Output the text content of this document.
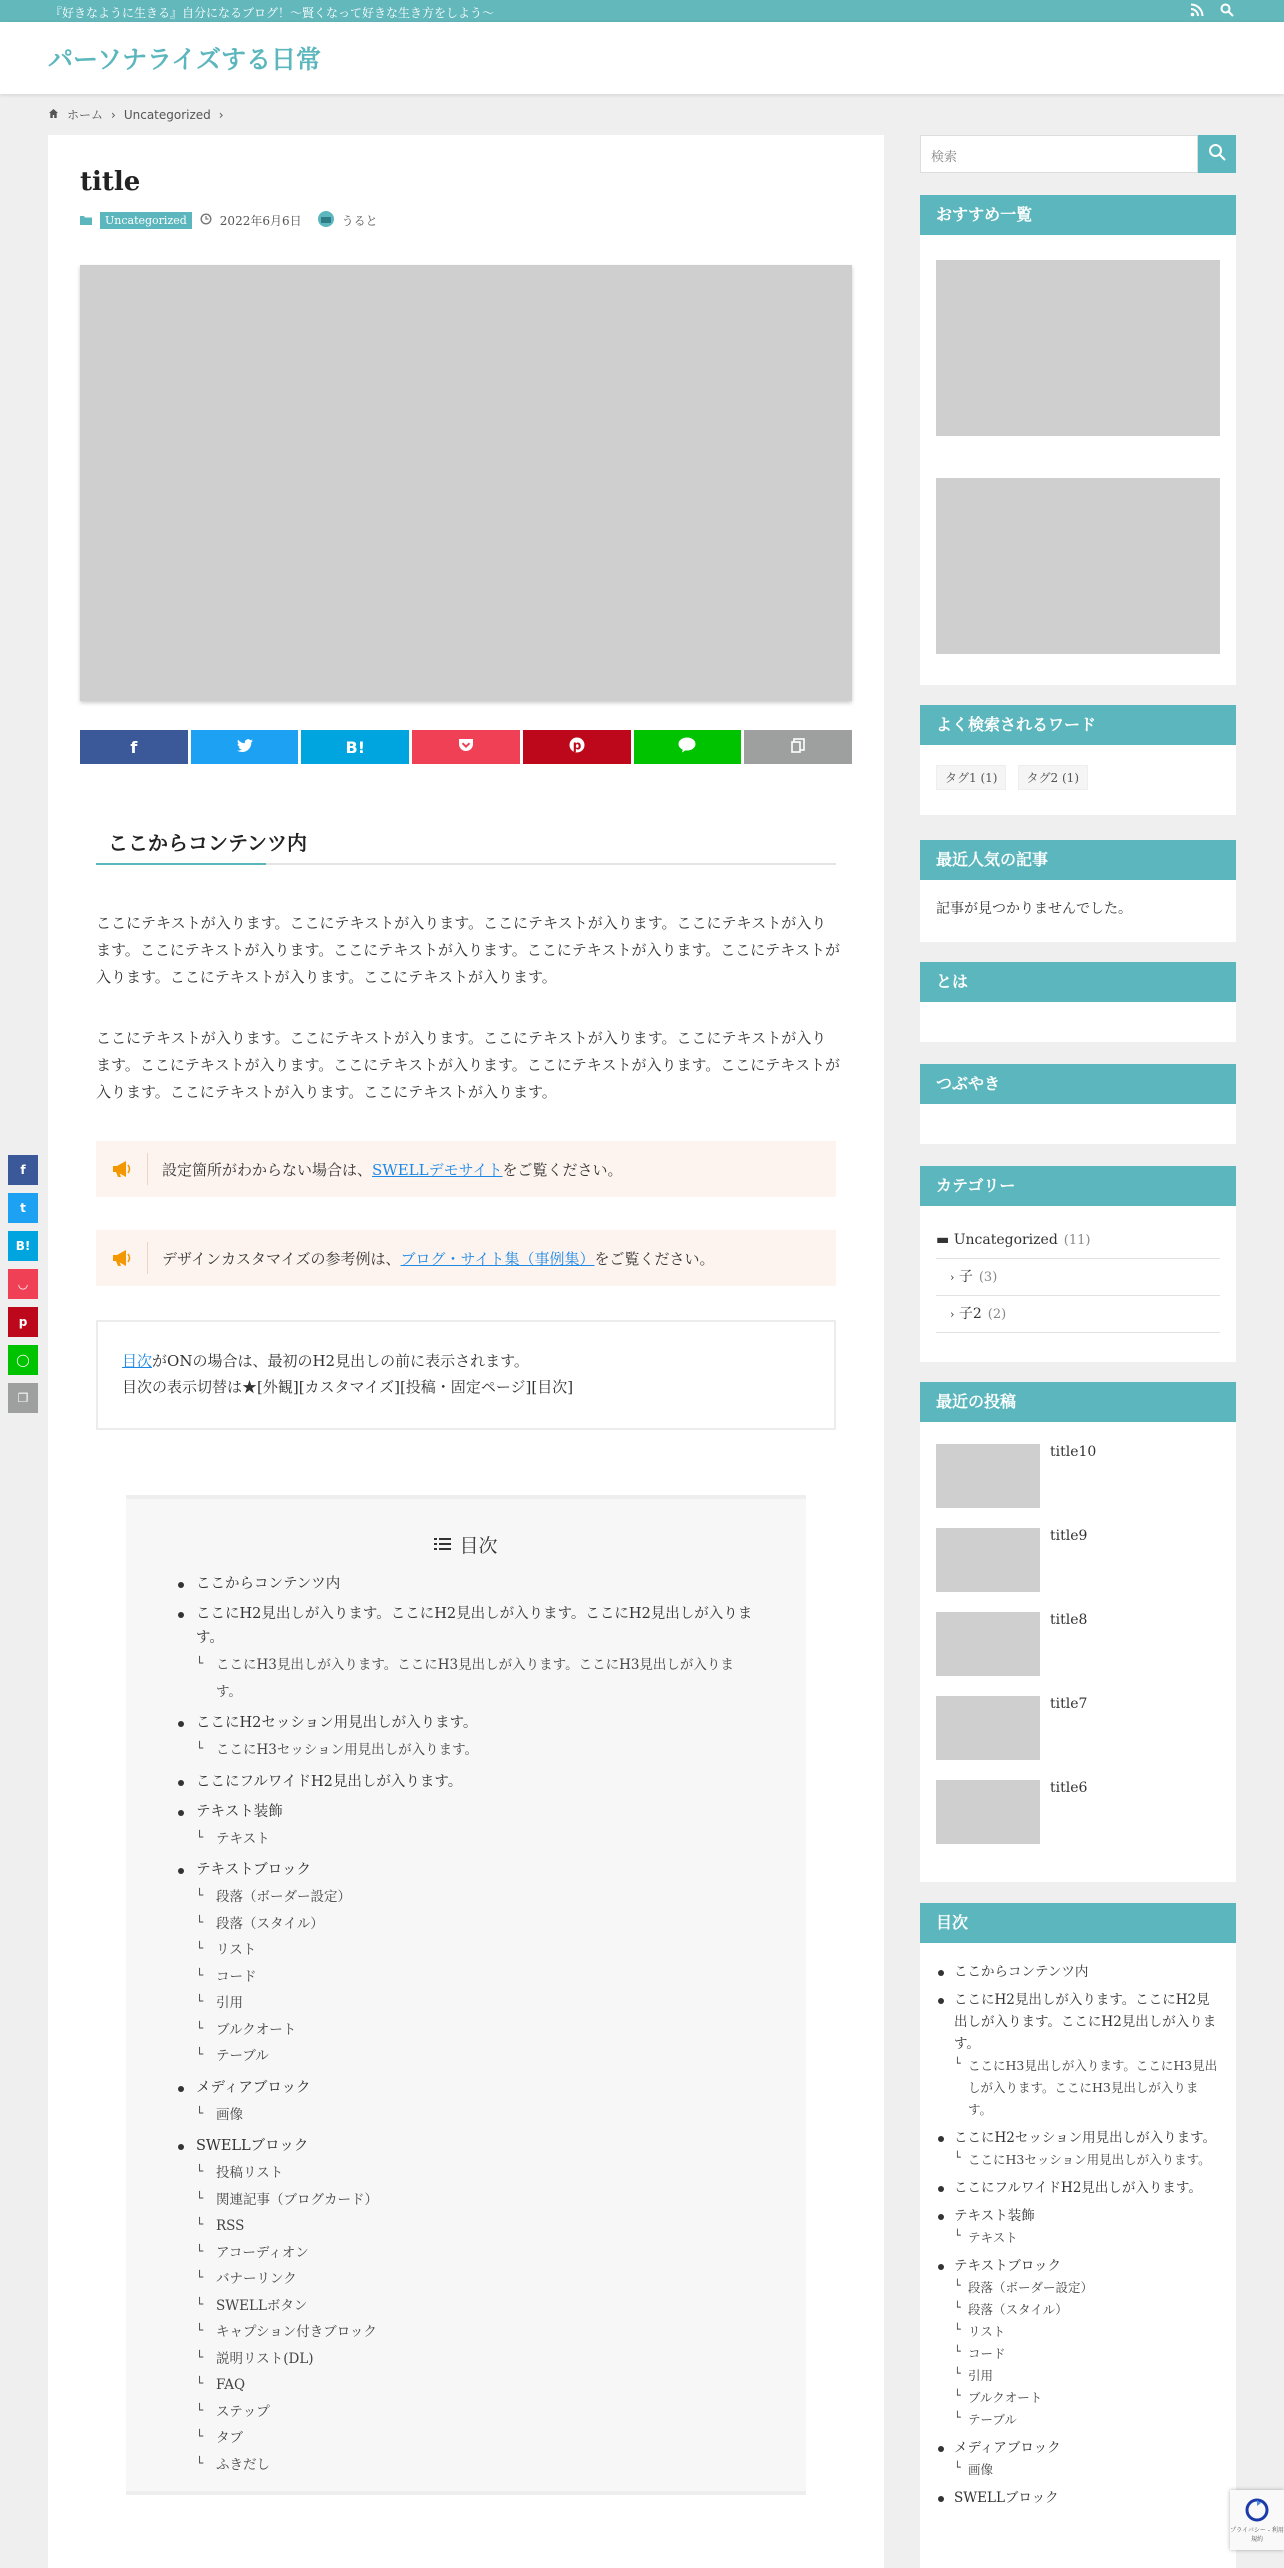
『好きなように生きる』自分になるブログ！〜賢くなって好きな生き方をしよう〜
パーソナライズする日常
ホーム › Uncategorized ›
title
Uncategorized	2022年6月6日	うると
f	B!	p
ここからコンテンツ内

ここにテキストが入ります。ここにテキストが入ります。ここにテキストが入ります。ここにテキストが入ります。ここにテキストが入ります。ここにテキストが入ります。ここにテキストが入ります。ここにテキストが入ります。ここにテキストが入ります。ここにテキストが入ります。

ここにテキストが入ります。ここにテキストが入ります。ここにテキストが入ります。ここにテキストが入ります。ここにテキストが入ります。ここにテキストが入ります。ここにテキストが入ります。ここにテキストが入ります。ここにテキストが入ります。ここにテキストが入ります。

設定箇所がわからない場合は、SWELLデモサイトをご覧ください。
デザインカスタマイズの参考例は、ブログ・サイト集（事例集）をご覧ください。
目次がONの場合は、最初のH2見出しの前に表示されます。
目次の表示切替は★[外観][カスタマイズ][投稿・固定ページ][目次]
目次
ここからコンテンツ内
ここにH2見出しが入ります。ここにH2見出しが入ります。ここにH2見出しが入ります。
└ ここにH3見出しが入ります。ここにH3見出しが入ります。ここにH3見出しが入ります。
ここにH2セッション用見出しが入ります。
└ ここにH3セッション用見出しが入ります。
ここにフルワイドH2見出しが入ります。
テキスト装飾
└ テキスト
テキストブロック
└ 段落（ボーダー設定）
└ 段落（スタイル）
└ リスト
└ コード
└ 引用
└ ブルクオート
└ テーブル
メディアブロック
└ 画像
SWELLブロック
└ 投稿リスト
└ 関連記事（ブログカード）
└ RSS
└ アコーディオン
└ バナーリンク
└ SWELLボタン
└ キャプション付きブロック
└ 説明リスト(DL)
└ FAQ
└ ステップ
└ タブ
└ ふきだし
f
t
B!
◡
p
◯
❐
検索
おすすめ一覧
よく検索されるワード
タグ1 (1) タグ2 (1)
最近人気の記事
記事が見つかりませんでした。
とは
つぶやき
カテゴリー
▬ Uncategorized (11)
› 子 (3)
› 子2 (2)
最近の投稿
title10
title9
title8
title7
title6
目次
ここからコンテンツ内
ここにH2見出しが入ります。ここにH2見出しが入ります。ここにH2見出しが入ります。
└ ここにH3見出しが入ります。ここにH3見出しが入ります。ここにH3見出しが入ります。
ここにH2セッション用見出しが入ります。
└ ここにH3セッション用見出しが入ります。
ここにフルワイドH2見出しが入ります。
テキスト装飾
└ テキスト
テキストブロック
└ 段落（ボーダー設定）
└ 段落（スタイル）
└ リスト
└ コード
└ 引用
└ ブルクオート
└ テーブル
メディアブロック
└ 画像
SWELLブロック
プライバシー - 利用規約
